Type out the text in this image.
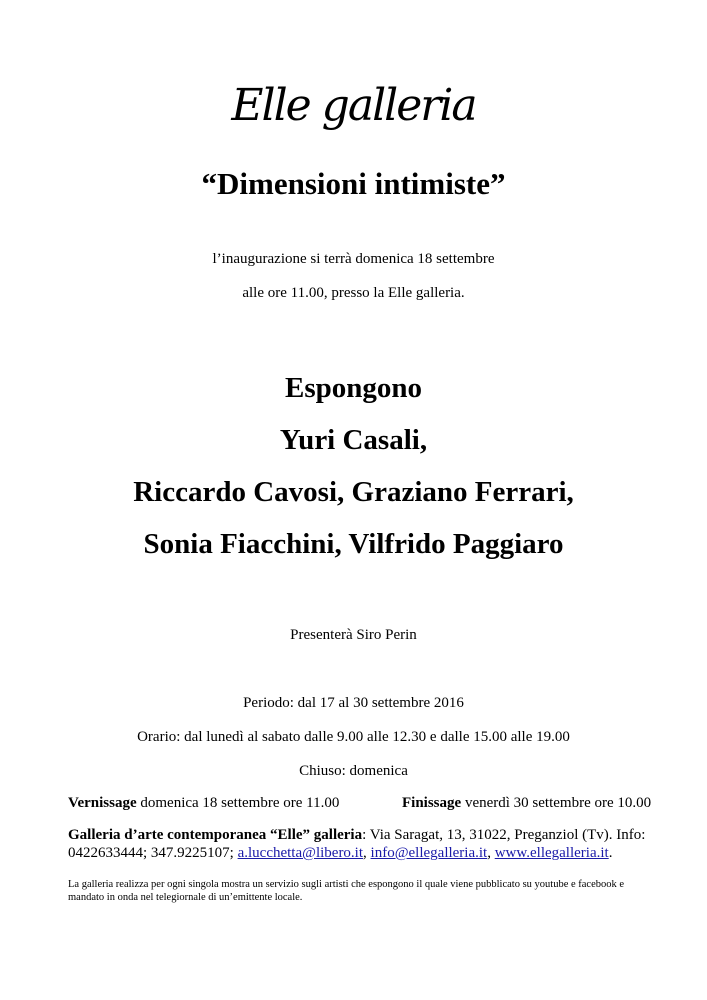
Elle galleria
“Dimensioni intimiste”
l’inaugurazione si terrà domenica 18 settembre
alle ore 11.00, presso la Elle galleria.
Espongono
Yuri Casali,
Riccardo Cavosi, Graziano Ferrari,
Sonia Fiacchini, Vilfrido Paggiaro
Presenterà Siro Perin
Periodo: dal 17 al 30 settembre 2016
Orario: dal lunedì al sabato dalle 9.00 alle 12.30 e dalle 15.00 alle 19.00
Chiuso: domenica
Vernissage domenica 18 settembre ore 11.00	Finissage venerdì 30 settembre ore 10.00
Galleria d’arte contemporanea “Elle” galleria: Via Saragat, 13, 31022, Preganziol (Tv). Info:
0422633444; 347.9225107; a.lucchetta@libero.it, info@ellegalleria.it, www.ellegalleria.it.
La galleria realizza per ogni singola mostra un servizio sugli artisti che espongono il quale viene pubblicato su youtube e facebook e mandato in onda nel telegiornale di un’emittente locale.
